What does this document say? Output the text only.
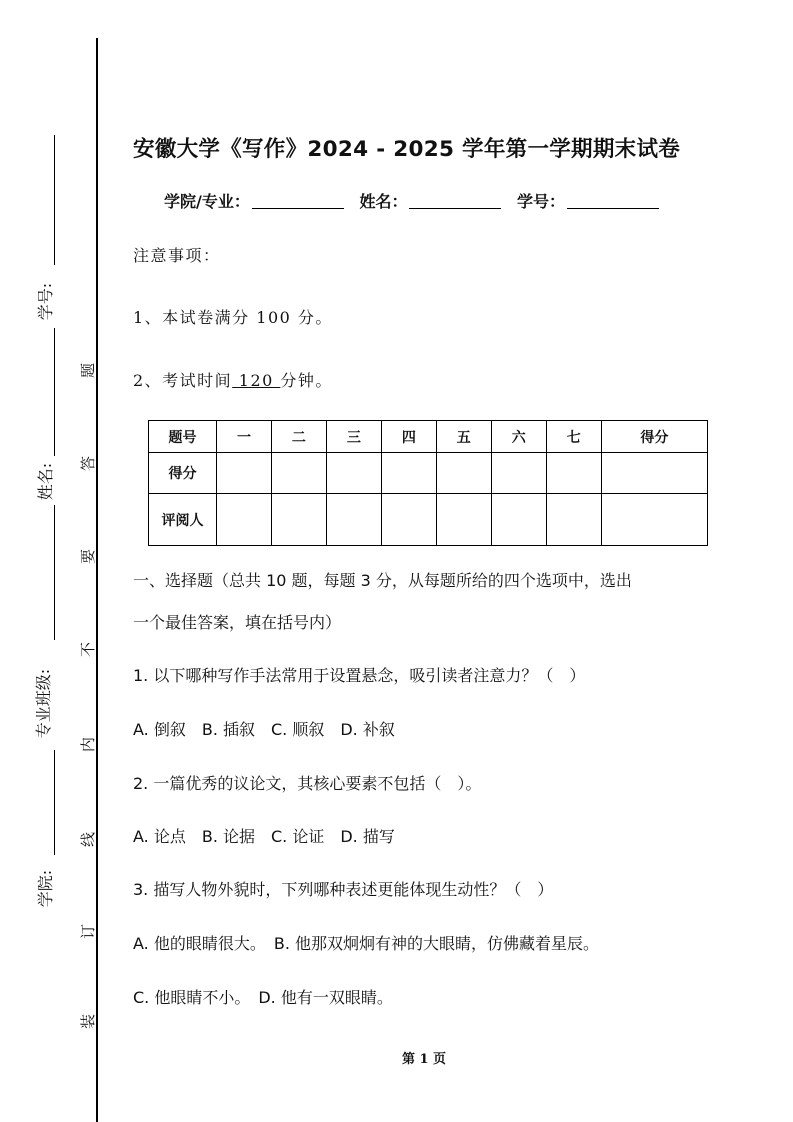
学号:
姓名:
专业班级:
学院:
题
答
要
不
内
线
订
装
安徽大学《写作》2024 - 2025 学年第一学期期末试卷
学院/专业：	姓名：	学号：
注意事项：
1、本试卷满分 100 分。
2、考试时间 120 分钟。
题号	一	二	三	四	五	六	七	得分
得分								
评阅人								
一、选择题（总共 10 题，每题 3 分，从每题所给的四个选项中，选出
一个最佳答案，填在括号内）
1. 以下哪种写作手法常用于设置悬念，吸引读者注意力？（　）
A. 倒叙　B. 插叙　C. 顺叙　D. 补叙
2. 一篇优秀的议论文，其核心要素不包括（　）。
A. 论点　B. 论据　C. 论证　D. 描写
3. 描写人物外貌时，下列哪种表述更能体现生动性？（　）
A. 他的眼睛很大。　B. 他那双炯炯有神的大眼睛，仿佛藏着星辰。
C. 他眼睛不小。　D. 他有一双眼睛。
第 1 页
